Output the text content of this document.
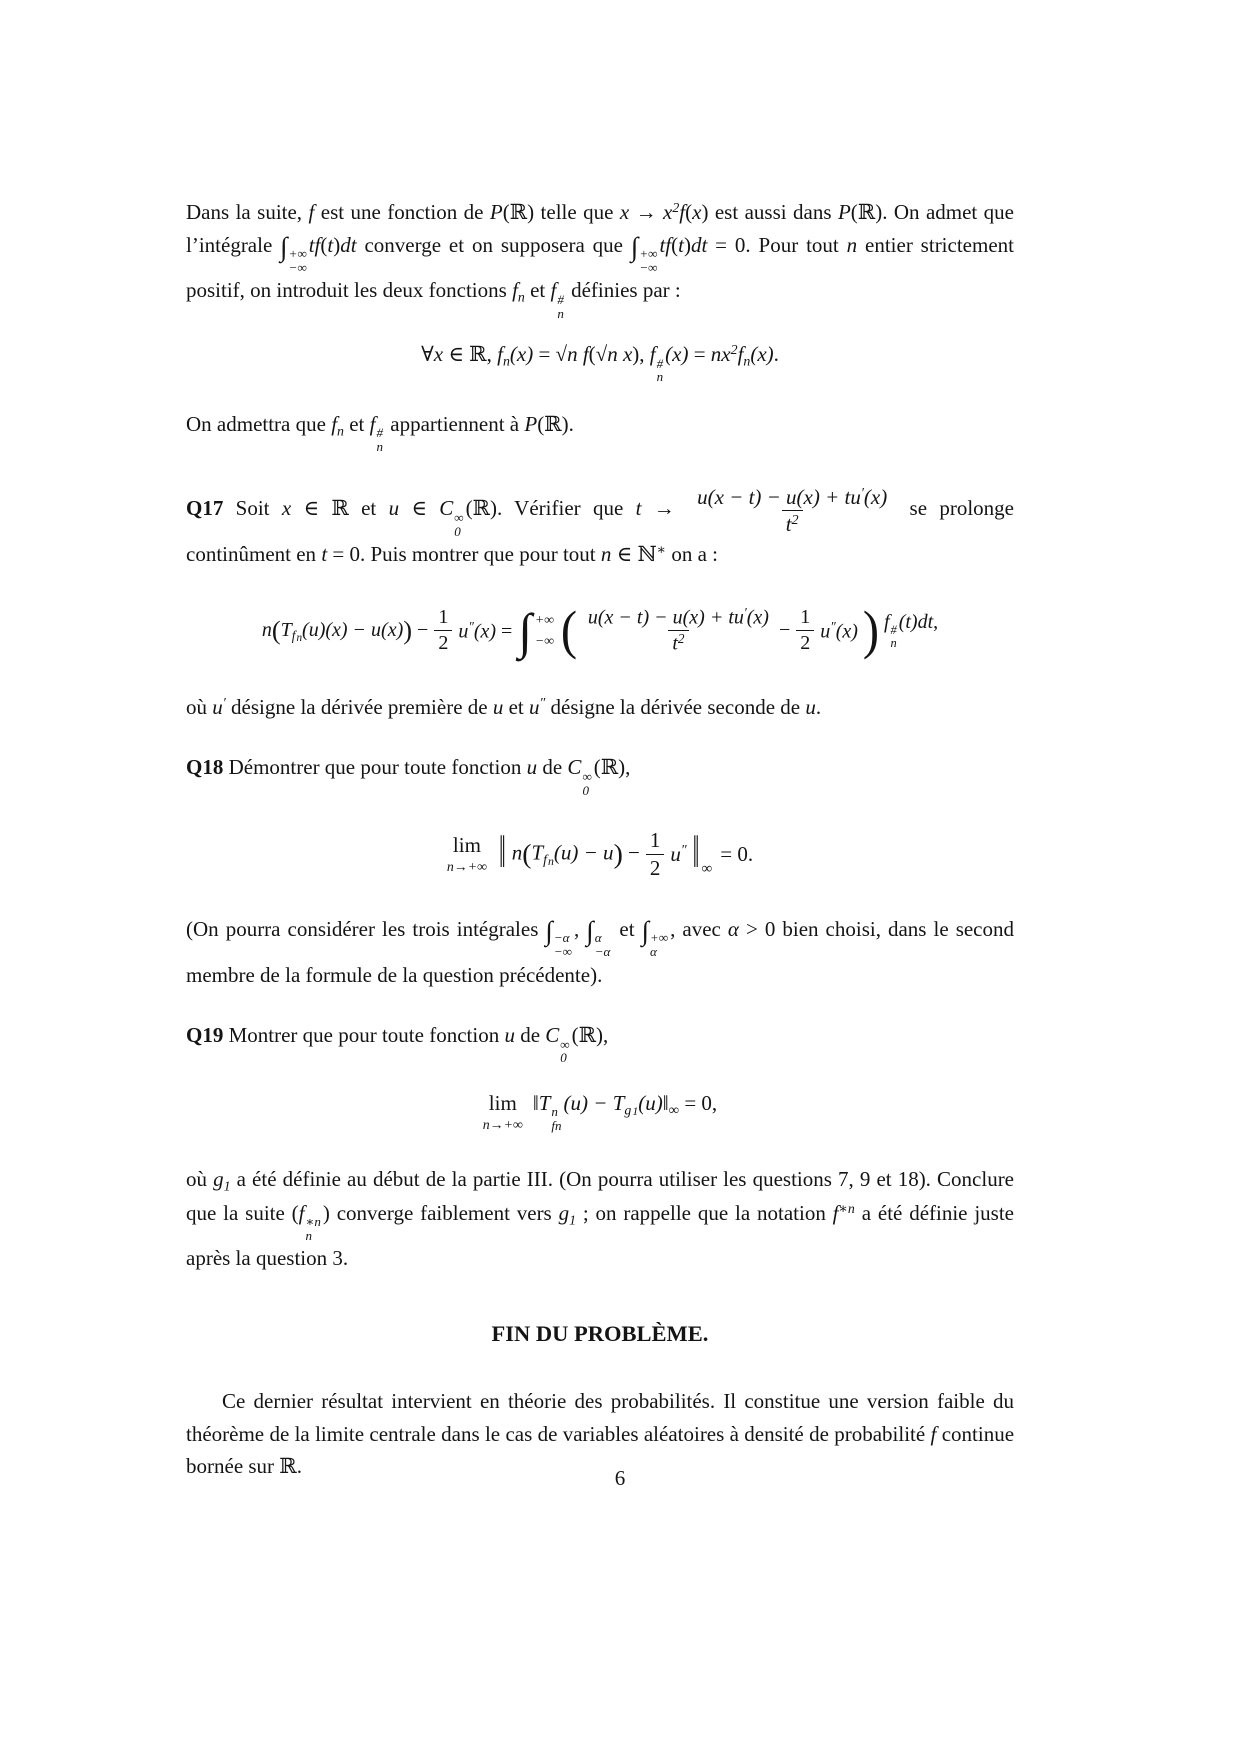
Dans la suite, f est une fonction de P(ℝ) telle que $x \to x^2f(x)$ est aussi dans P(ℝ). On admet que l’intégrale ∫ +∞
−∞
tf(t)dt converge et on supposera que ∫ +∞
−∞
tf(t)dt = 0. Pour tout n entier strictement positif, on introduit les deux fonctions $f_n$ et f #
n
définies par :

∀x ∈ ℝ, $f_n(x) = √n$ f(√n x), f #
n
$(x) = nx^2f_n(x)$.

On admettra que $f_n$ et f #
n
appartiennent à P(ℝ).

Q17 Soit x ∈ ℝ et u ∈ C ∞
0
(ℝ). Vérifier que $t \to \frac{u(x - t) - u(x) + tu'(x)}{t^2}$ se prolonge continûment en t = 0. Puis montrer que pour tout n ∈ ℕ∗ on a :

$n(T_{fn}(u)(x) - u(x)) - \frac{1}{2} u''(x)$ = ∫ +∞
−∞ ( $\frac{u(x - t) - u(x) + tu'(x)}{t^2} - \frac{1}{2} u''(x)$ ) f #
n
(t)dt,

où u′ désigne la dérivée première de u et u″ désigne la dérivée seconde de u.

Q18 Démontrer que pour toute fonction u de C ∞
0
(ℝ),

lim
n→+∞ ‖ $n(T_{fn}(u) - u) - \frac{1}{2} u''$ ‖ ∞
= 0.

(On pourra considérer les trois intégrales ∫ −α
−∞
, ∫ α
−α
et ∫ +∞
α
, avec α > 0 bien choisi, dans le second membre de la formule de la question précédente).

Q19 Montrer que pour toute fonction u de C ∞
0
(ℝ),

lim
n→+∞
‖T n
fn
$(u) - T_{g1}(u)‖_\infty = 0$,

où $g_1$ a été définie au début de la partie III. (On pourra utiliser les questions 7, 9 et 18). Conclure que la suite (f ∗n
n
) converge faiblement vers $g_1$ ; on rappelle que la notation $f^{∗n}$ a été définie juste après la question 3.

FIN DU PROBLÈME.

Ce dernier résultat intervient en théorie des probabilités. Il constitue une version faible du théorème de la limite centrale dans le cas de variables aléatoires à densité de probabilité f continue bornée sur ℝ.	6
